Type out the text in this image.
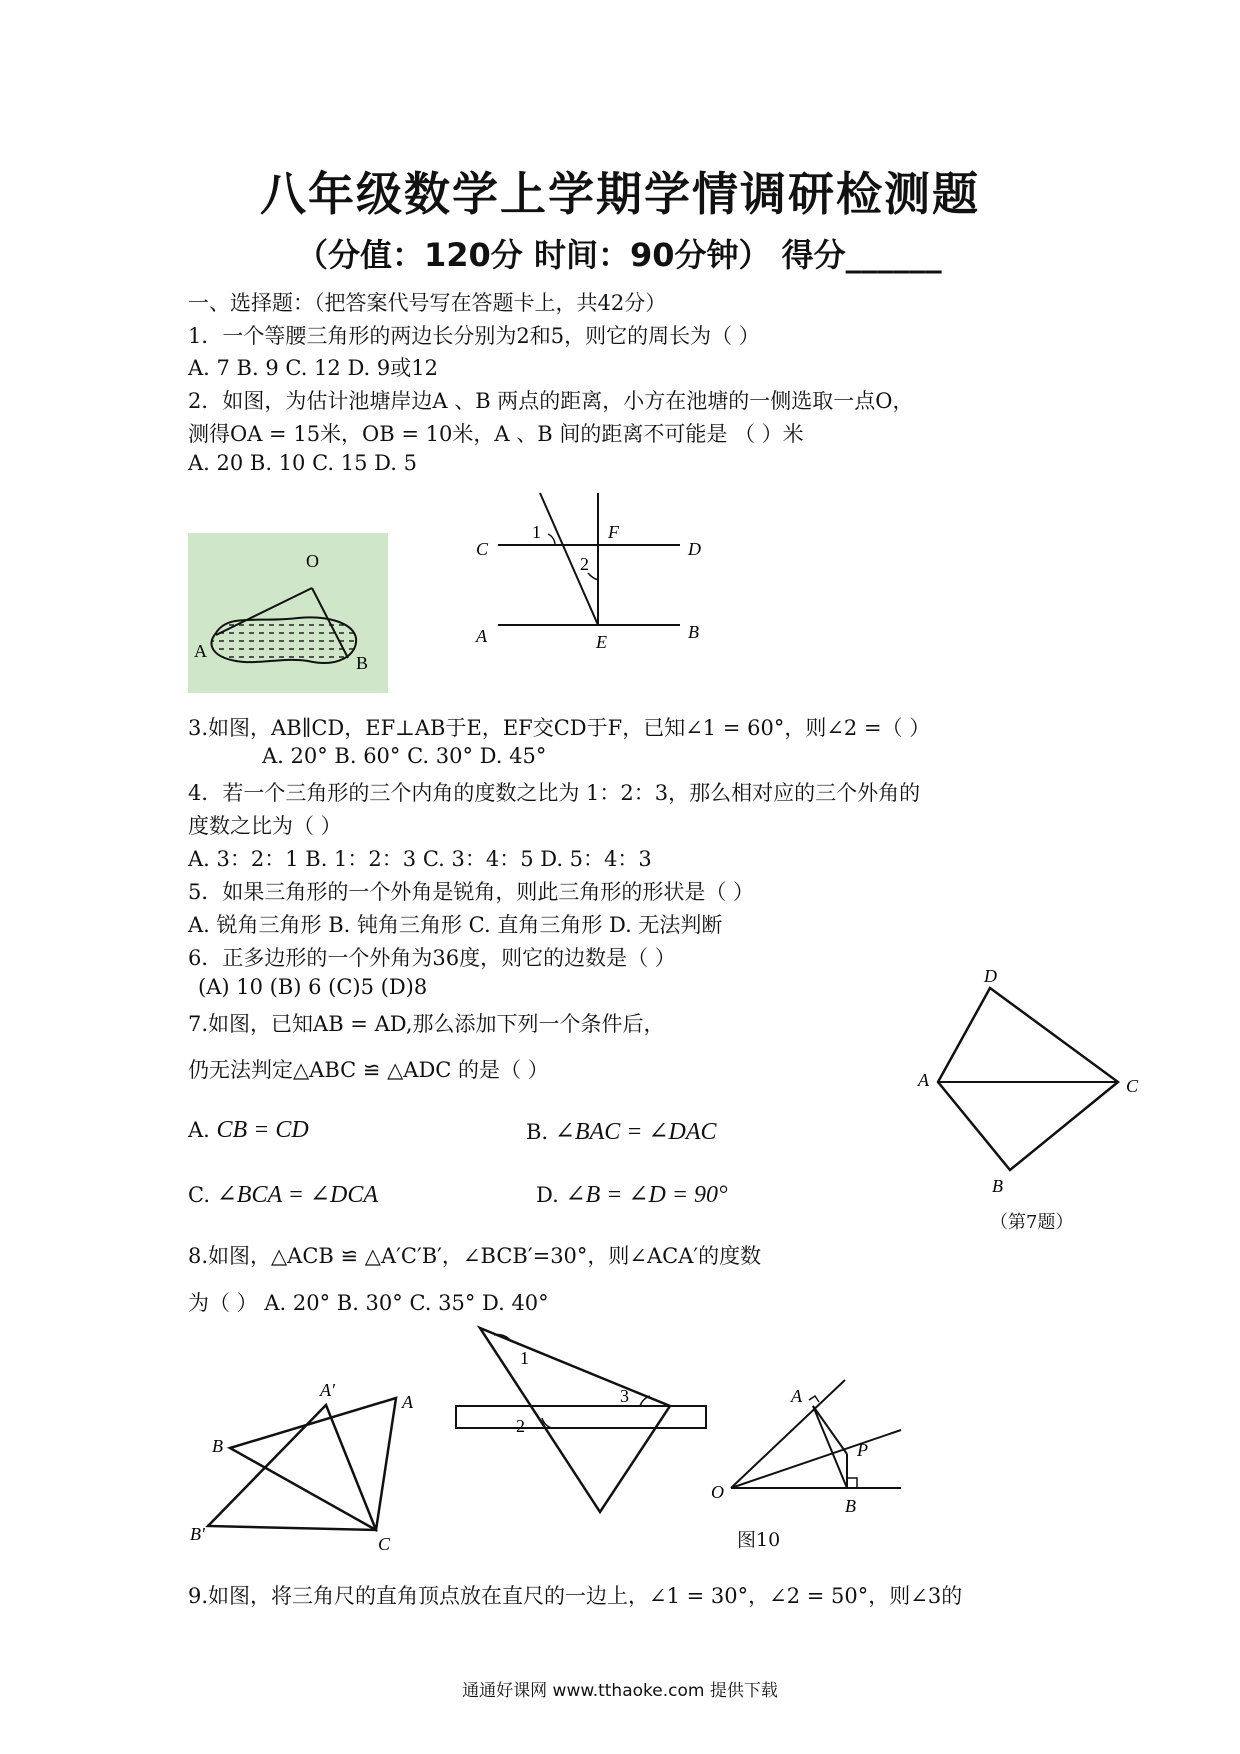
八年级数学上学期学情调研检测题
（分值：120分 时间：90分钟） 得分______
一、选择题：（把答案代号写在答题卡上，共42分）
1．一个等腰三角形的两边长分别为2和5，则它的周长为（ ）
A. 7 B. 9 C. 12 D. 9或12
2．如图，为估计池塘岸边A 、B 两点的距离，小方在池塘的一侧选取一点O，
测得OA = 15米，OB = 10米，A 、B 间的距离不可能是 （ ）米
A. 20 B. 10 C. 15 D. 5
O
A
B
C	D
A	B
E
F
1
2
3.如图，AB∥CD，EF⊥AB于E，EF交CD于F，已知∠1 = 60°，则∠2 =（ ）
A. 20° B. 60° C. 30° D. 45°
4．若一个三角形的三个内角的度数之比为 1：2：3，那么相对应的三个外角的
度数之比为（ ）
A. 3：2：1 B. 1：2：3 C. 3：4：5 D. 5：4：3
5．如果三角形的一个外角是锐角，则此三角形的形状是（ ）
A. 锐角三角形 B. 钝角三角形 C. 直角三角形 D. 无法判断
6．正多边形的一个外角为36度，则它的边数是（ ）
(A) 10 (B) 6 (C)5 (D)8
7.如图，已知AB = AD,那么添加下列一个条件后，
仍无法判定△ABC ≌ △ADC 的是（ ）
A. CB = CD	B. ∠BAC = ∠DAC
C. ∠BCA = ∠DCA	D. ∠B = ∠D = 90°
D
A	C
B
（第7题）
8.如图，△ACB ≌ △A′C′B′，∠BCB′=30°，则∠ACA′的度数
为（ ） A. 20° B. 30° C. 35° D. 40°
A′
A
B
B′	C
1
2
3	A
O
P
B
图10
9.如图，将三角尺的直角顶点放在直尺的一边上，∠1 = 30°，∠2 = 50°，则∠3的
通通好课网 www.tthaoke.com 提供下载
